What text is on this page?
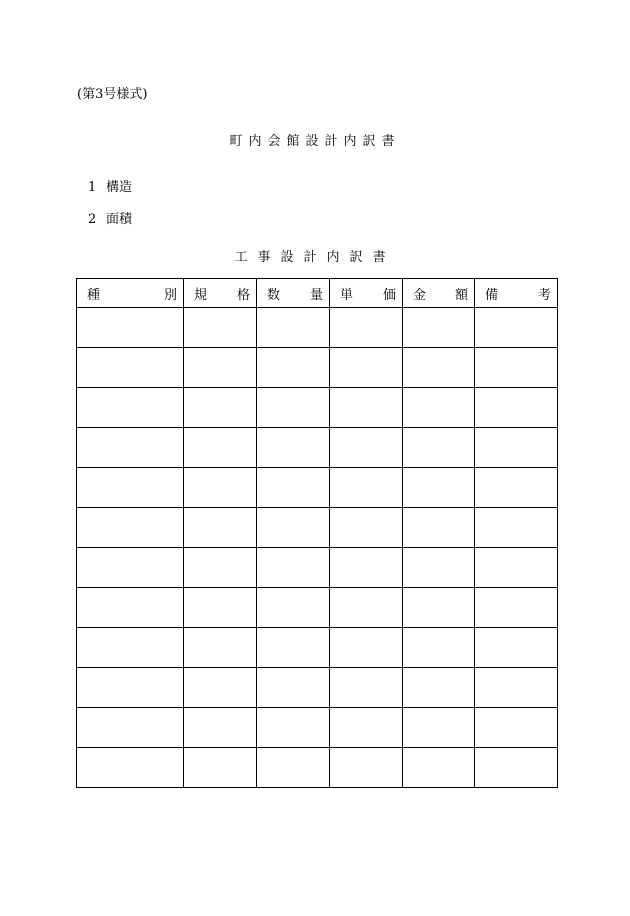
(第3号様式)
町内会館設計内訳書
1 構造
2 面積
工事設計内訳書
種 別	規 格	数 量	単 価	金 額	備 考
